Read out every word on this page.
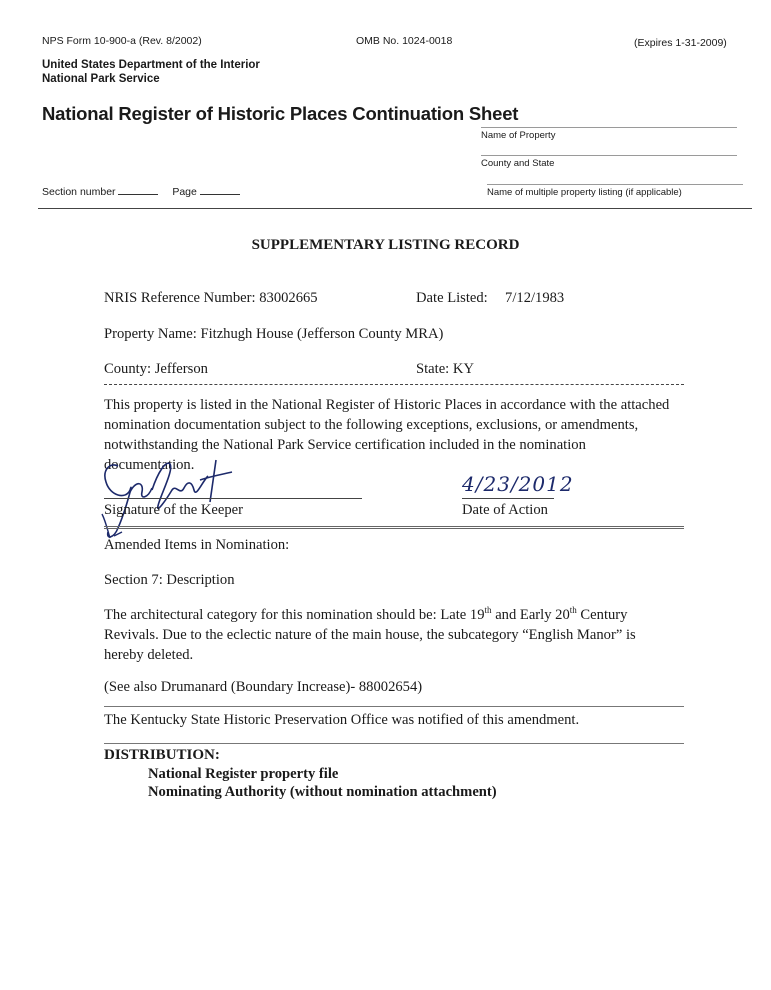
NPS Form 10-900-a (Rev. 8/2002)	OMB No. 1024-0018	(Expires 1-31-2009)
United States Department of the Interior
National Park Service
National Register of Historic Places Continuation Sheet
Name of Property
County and State
Name of multiple property listing (if applicable)
Section number	Page
SUPPLEMENTARY LISTING RECORD
NRIS Reference Number: 83002665	Date Listed: 7/12/1983
Property Name: Fitzhugh House (Jefferson County MRA)
County: Jefferson	State: KY
This property is listed in the National Register of Historic Places in accordance with the attached
nomination documentation subject to the following exceptions, exclusions, or amendments,
notwithstanding the National Park Service certification included in the nomination
documentation.
Signature of the Keeper
4/23/2012
Date of Action
Amended Items in Nomination:
Section 7: Description
The architectural category for this nomination should be: Late 19th and Early 20th Century
Revivals. Due to the eclectic nature of the main house, the subcategory “English Manor” is
hereby deleted.
(See also Drumanard (Boundary Increase)- 88002654)
The Kentucky State Historic Preservation Office was notified of this amendment.
DISTRIBUTION:
National Register property file
Nominating Authority (without nomination attachment)
